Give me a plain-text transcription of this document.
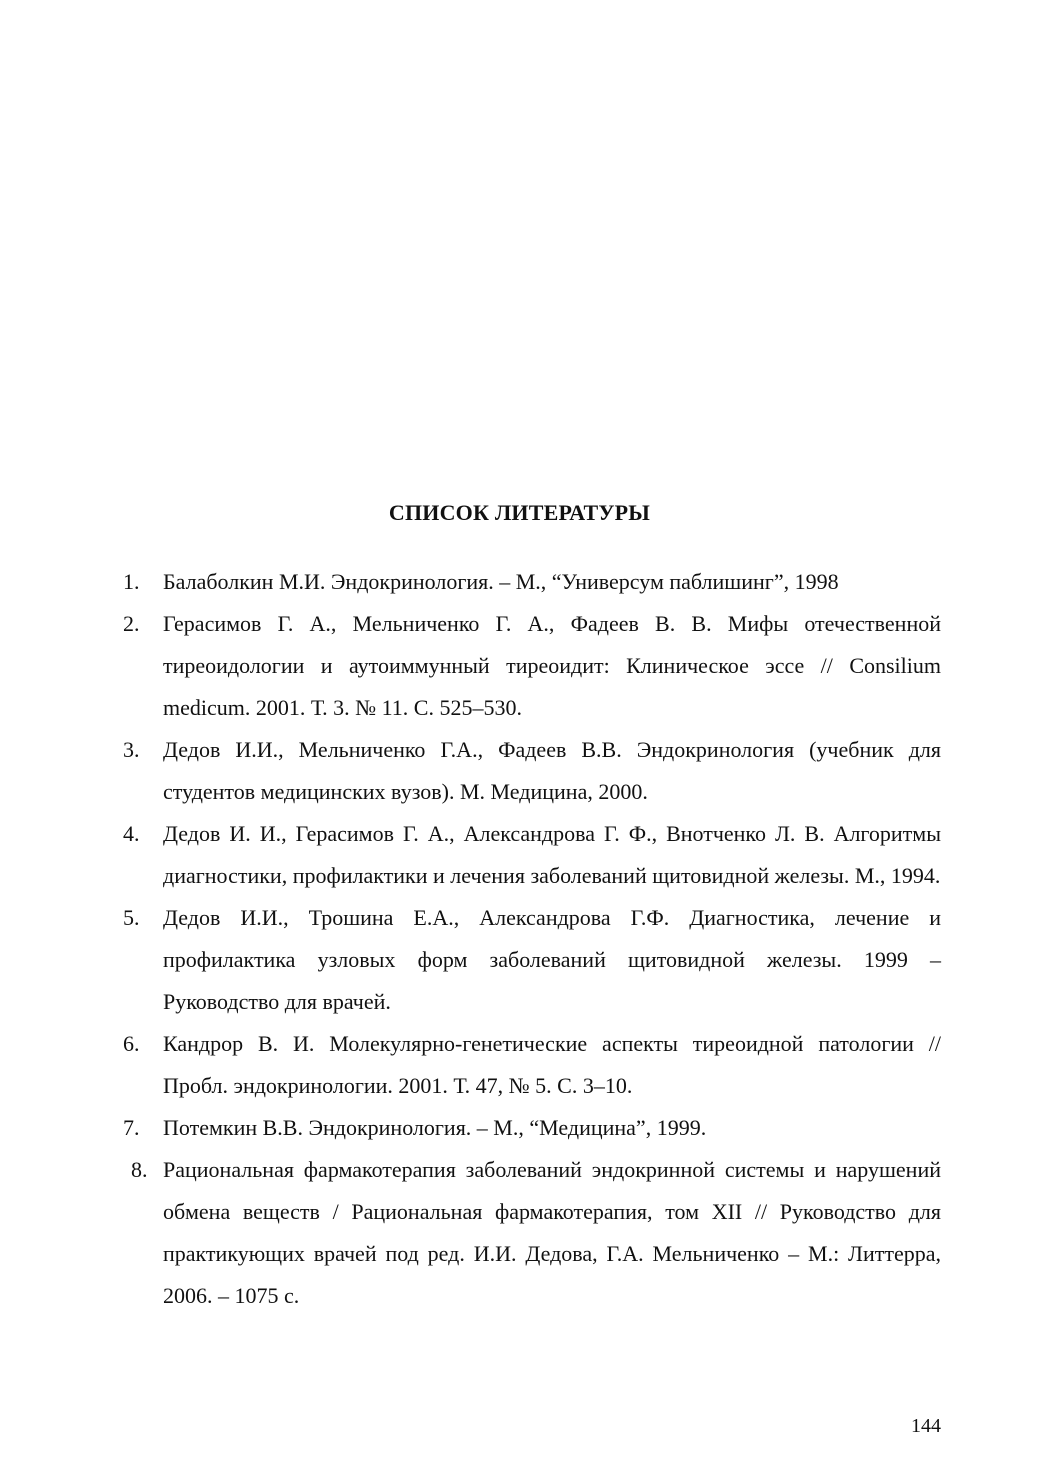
СПИСОК ЛИТЕРАТУРЫ
1.	Балаболкин М.И. Эндокринология. – М., “Универсум паблишинг”, 1998
2.	Герасимов Г. А., Мельниченко Г. А., Фадеев В. В. Мифы отечественной тиреоидологии и аутоиммунный тиреоидит: Клиническое эссе // Consilium medicum. 2001. Т. 3. № 11. С. 525–530.
3.	Дедов И.И., Мельниченко Г.А., Фадеев В.В. Эндокринология (учебник для студентов медицинских вузов). М. Медицина, 2000.
4.	Дедов И. И., Герасимов Г. А., Александрова Г. Ф., Внотченко Л. В. Алгоритмы диагностики, профилактики и лечения заболеваний щитовидной железы. М., 1994.
5.	Дедов И.И., Трошина Е.А., Александрова Г.Ф. Диагностика, лечение и профилактика узловых форм заболеваний щитовидной железы. 1999 – Руководство для врачей.
6.	Кандрор В. И. Молекулярно-генетические аспекты тиреоидной патологии // Пробл. эндокринологии. 2001. Т. 47, № 5. С. 3–10.
7.	Потемкин В.В. Эндокринология. – М., “Медицина”, 1999.
8. Рациональная фармакотерапия заболеваний эндокринной системы и нарушений обмена веществ / Рациональная фармакотерапия, том XII // Руководство для практикующих врачей под ред. И.И. Дедова, Г.А. Мельниченко – М.: Литтерра, 2006. – 1075 с.
144
